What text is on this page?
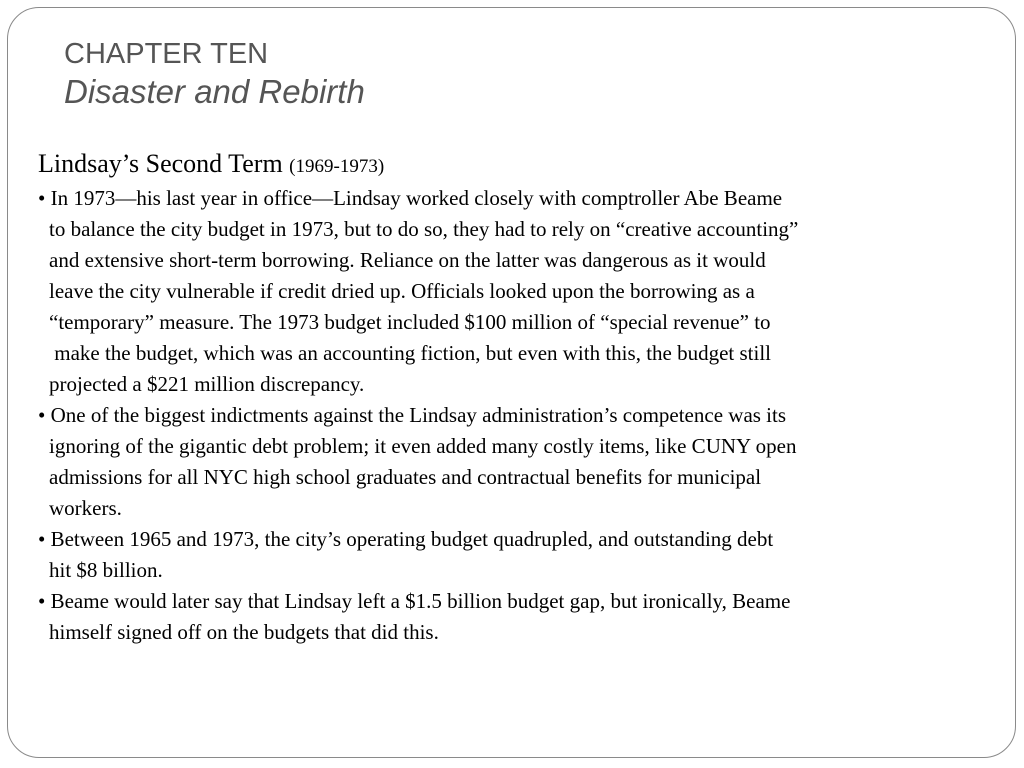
CHAPTER TEN
Disaster and Rebirth
Lindsay’s Second Term (1969-1973)
• In 1973—his last year in office—Lindsay worked closely with comptroller Abe Beame
to balance the city budget in 1973, but to do so, they had to rely on “creative accounting”
and extensive short-term borrowing. Reliance on the latter was dangerous as it would
leave the city vulnerable if credit dried up. Officials looked upon the borrowing as a
“temporary” measure. The 1973 budget included $100 million of “special revenue” to
make the budget, which was an accounting fiction, but even with this, the budget still
projected a $221 million discrepancy.
• One of the biggest indictments against the Lindsay administration’s competence was its
ignoring of the gigantic debt problem; it even added many costly items, like CUNY open
admissions for all NYC high school graduates and contractual benefits for municipal
workers.
• Between 1965 and 1973, the city’s operating budget quadrupled, and outstanding debt
hit $8 billion.
• Beame would later say that Lindsay left a $1.5 billion budget gap, but ironically, Beame
himself signed off on the budgets that did this.
